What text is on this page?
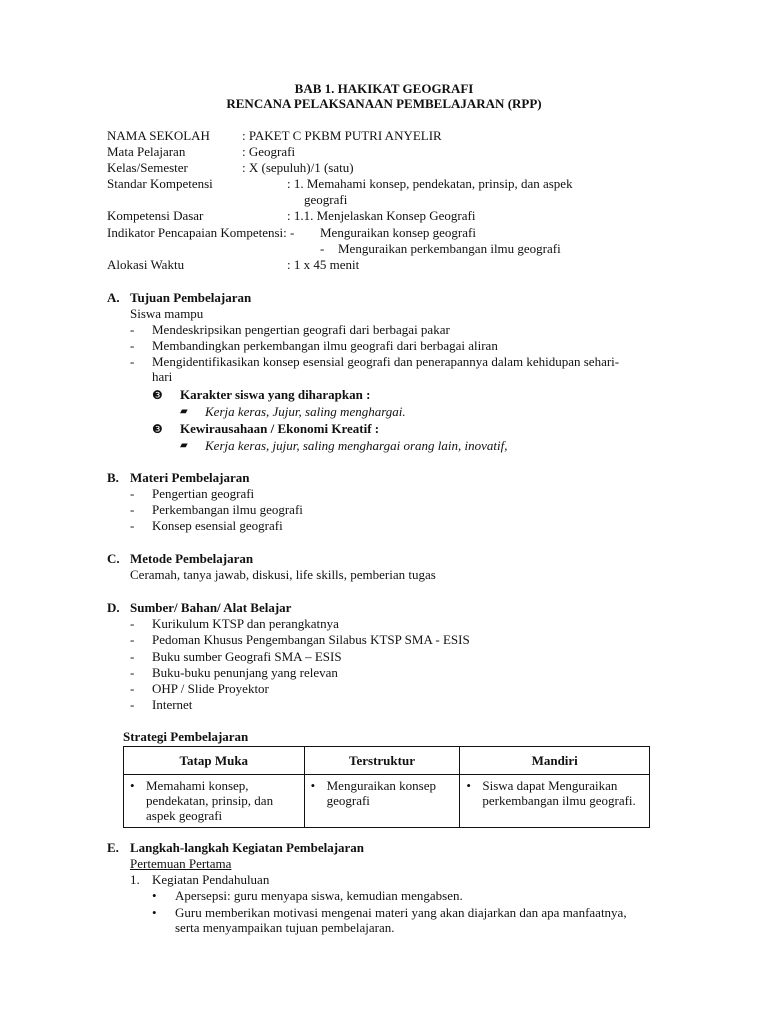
BAB 1. HAKIKAT GEOGRAFI
RENCANA PELAKSANAAN PEMBELAJARAN (RPP)
NAMA SEKOLAH : PAKET C PKBM PUTRI ANYELIR
Mata Pelajaran	: Geografi
Kelas/Semester	: X (sepuluh)/1 (satu)
Standar Kompetensi	: 1. Memahami konsep, pendekatan, prinsip, dan aspek
geografi
Kompetensi Dasar	: 1.1. Menjelaskan Konsep Geografi
Indikator Pencapaian Kompetensi: - Menguraikan konsep geografi
- Menguraikan perkembangan ilmu geografi
Alokasi Waktu	: 1 x 45 menit
A. Tujuan Pembelajaran
Siswa mampu
- Mendeskripsikan pengertian geografi dari berbagai pakar
- Membandingkan perkembangan ilmu geografi dari berbagai aliran
- Mengidentifikasikan konsep esensial geografi dan penerapannya dalam kehidupan sehari-
hari
❸ Karakter siswa yang diharapkan :
▰ Kerja keras, Jujur, saling menghargai.
❸ Kewirausahaan / Ekonomi Kreatif :
▰ Kerja keras, jujur, saling menghargai orang lain, inovatif,
B. Materi Pembelajaran
- Pengertian geografi
- Perkembangan ilmu geografi
- Konsep esensial geografi
C. Metode Pembelajaran
Ceramah, tanya jawab, diskusi, life skills, pemberian tugas
D. Sumber/ Bahan/ Alat Belajar
- Kurikulum KTSP dan perangkatnya
- Pedoman Khusus Pengembangan Silabus KTSP SMA - ESIS
- Buku sumber Geografi SMA – ESIS
- Buku-buku penunjang yang relevan
- OHP / Slide Proyektor
- Internet
Strategi Pembelajaran
Tatap Muka	Terstruktur	Mandiri

• Memahami konsep, pendekatan, prinsip, dan aspek geografi	• Menguraikan konsep geografi	• Siswa dapat Menguraikan perkembangan ilmu geografi.
E. Langkah-langkah Kegiatan Pembelajaran
Pertemuan Pertama
1. Kegiatan Pendahuluan
• Apersepsi: guru menyapa siswa, kemudian mengabsen.
• Guru memberikan motivasi mengenai materi yang akan diajarkan dan apa manfaatnya,
serta menyampaikan tujuan pembelajaran.
